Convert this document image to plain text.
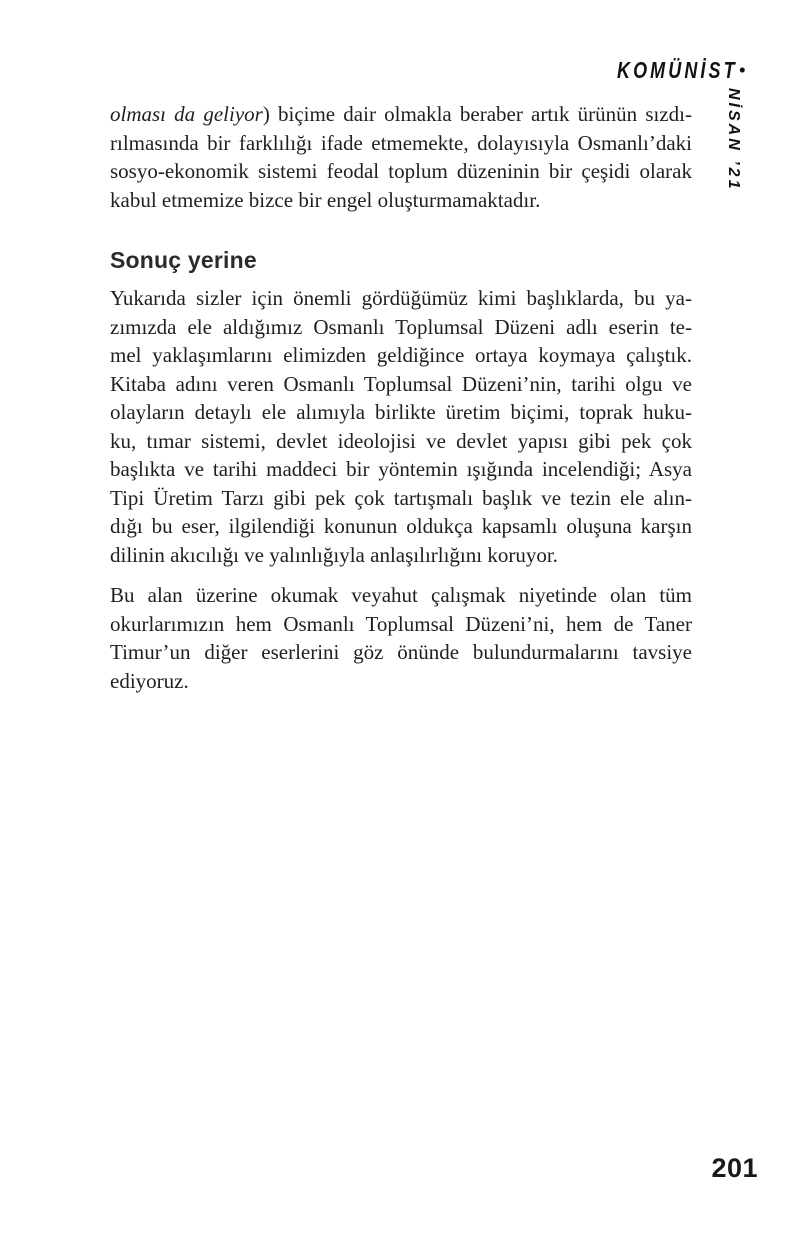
KOMÜNİST •
NİSAN ’21

olması da geliyor) biçime dair olmakla beraber artık ürünün sızdı-
rılmasında bir farklılığı ifade etmemekte, dolayısıyla Osmanlı’daki
sosyo-ekonomik sistemi feodal toplum düzeninin bir çeşidi olarak
kabul etmemize bizce bir engel oluşturmamaktadır.

Sonuç yerine

Yukarıda sizler için önemli gördüğümüz kimi başlıklarda, bu ya-
zımızda ele aldığımız Osmanlı Toplumsal Düzeni adlı eserin te-
mel yaklaşımlarını elimizden geldiğince ortaya koymaya çalıştık.
Kitaba adını veren Osmanlı Toplumsal Düzeni’nin, tarihi olgu ve
olayların detaylı ele alımıyla birlikte üretim biçimi, toprak huku-
ku, tımar sistemi, devlet ideolojisi ve devlet yapısı gibi pek çok
başlıkta ve tarihi maddeci bir yöntemin ışığında incelendiği; Asya
Tipi Üretim Tarzı gibi pek çok tartışmalı başlık ve tezin ele alın-
dığı bu eser, ilgilendiği konunun oldukça kapsamlı oluşuna karşın
dilinin akıcılığı ve yalınlığıyla anlaşılırlığını koruyor.

Bu alan üzerine okumak veyahut çalışmak niyetinde olan tüm
okurlarımızın hem Osmanlı Toplumsal Düzeni’ni, hem de Taner
Timur’un diğer eserlerini göz önünde bulundurmalarını tavsiye
ediyoruz.

201
